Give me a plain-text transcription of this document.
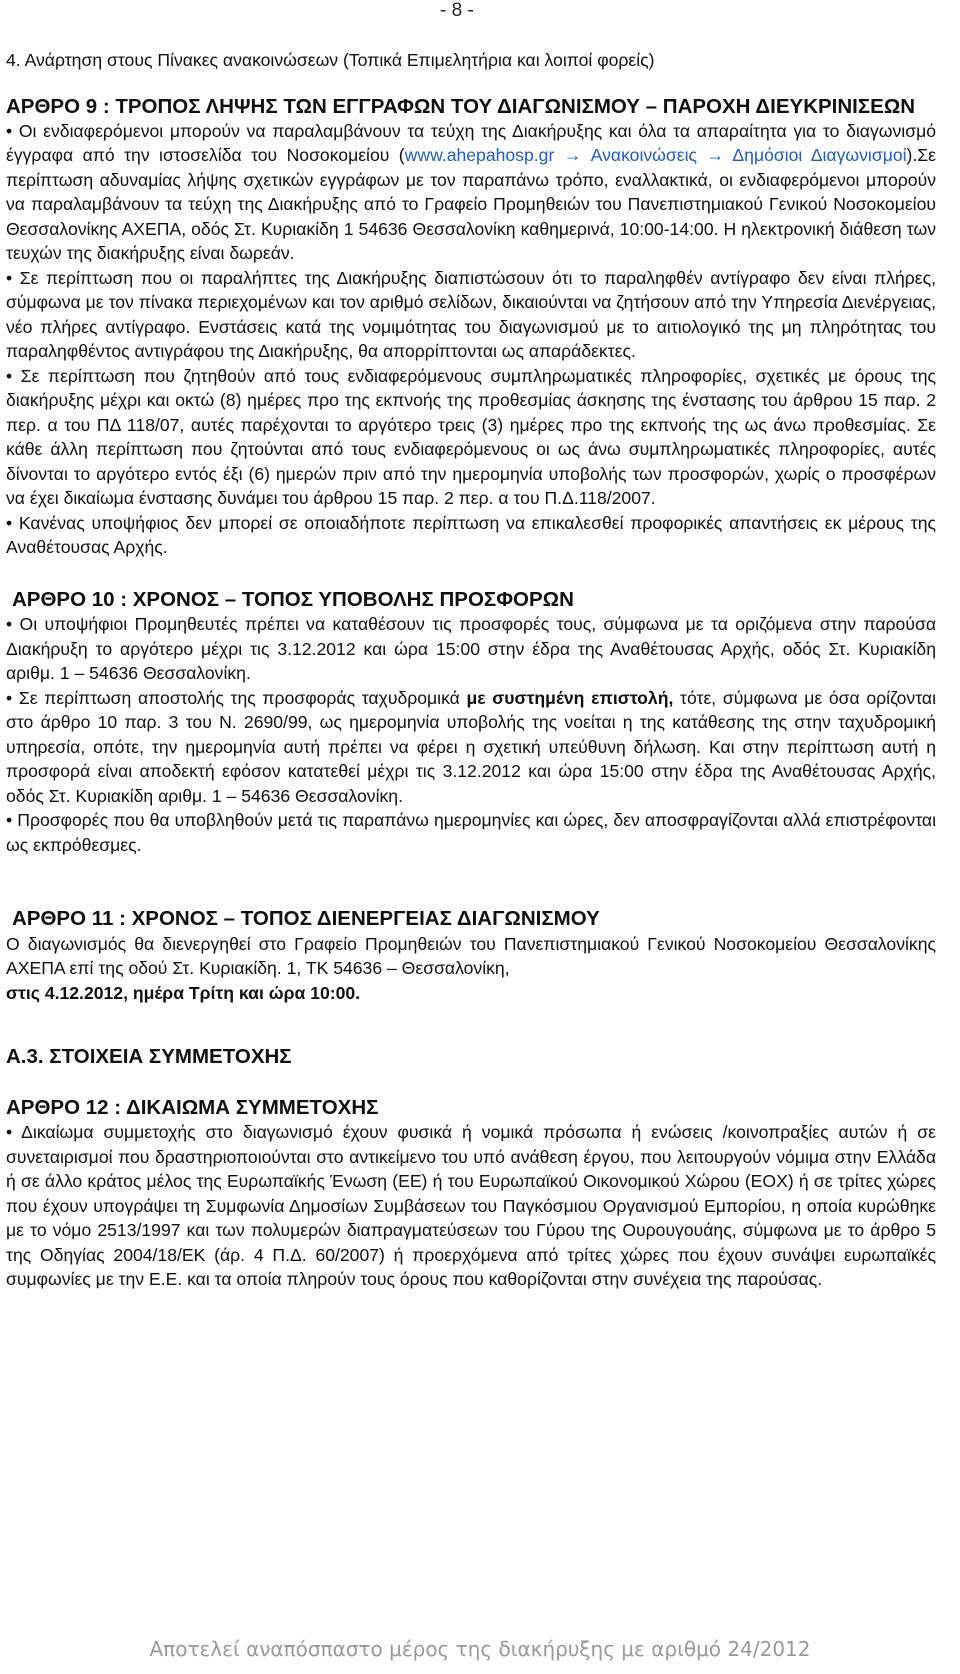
- 8 -

4. Ανάρτηση στους Πίνακες ανακοινώσεων (Τοπικά Επιμελητήρια και λοιποί φορείς)

ΑΡΘΡΟ 9 : ΤΡΟΠΟΣ ΛΗΨΗΣ ΤΩΝ ΕΓΓΡΑΦΩΝ ΤΟΥ ΔΙΑΓΩΝΙΣΜΟΥ – ΠΑΡΟΧΗ ΔΙΕΥΚΡΙΝΙΣΕΩΝ

• Οι ενδιαφερόμενοι μπορούν να παραλαμβάνουν τα τεύχη της Διακήρυξης και όλα τα απαραίτητα για το διαγωνισμό έγγραφα από την ιστοσελίδα του Νοσοκομείου (www.ahepahosp.gr → Ανακοινώσεις → Δημόσιοι Διαγωνισμοί).Σε περίπτωση αδυναμίας λήψης σχετικών εγγράφων με τον παραπάνω τρόπο, εναλλακτικά, οι ενδιαφερόμενοι μπορούν να παραλαμβάνουν τα τεύχη της Διακήρυξης από το Γραφείο Προμηθειών του Πανεπιστημιακού Γενικού Νοσοκομείου Θεσσαλονίκης ΑΧΕΠΑ, οδός Στ. Κυριακίδη 1 54636 Θεσσαλονίκη καθημερινά, 10:00-14:00. Η ηλεκτρονική διάθεση των τευχών της διακήρυξης είναι δωρεάν.

• Σε περίπτωση που οι παραλήπτες της Διακήρυξης διαπιστώσουν ότι το παραληφθέν αντίγραφο δεν είναι πλήρες, σύμφωνα με τον πίνακα περιεχομένων και τον αριθμό σελίδων, δικαιούνται να ζητήσουν από την Υπηρεσία Διενέργειας, νέο πλήρες αντίγραφο. Ενστάσεις κατά της νομιμότητας του διαγωνισμού με το αιτιολογικό της μη πληρότητας του παραληφθέντος αντιγράφου της Διακήρυξης, θα απορρίπτονται ως απαράδεκτες.

• Σε περίπτωση που ζητηθούν από τους ενδιαφερόμενους συμπληρωματικές πληροφορίες, σχετικές με όρους της διακήρυξης μέχρι και οκτώ (8) ημέρες προ της εκπνοής της προθεσμίας άσκησης της ένστασης του άρθρου 15 παρ. 2 περ. α του ΠΔ 118/07, αυτές παρέχονται το αργότερο τρεις (3) ημέρες προ της εκπνοής της ως άνω προθεσμίας. Σε κάθε άλλη περίπτωση που ζητούνται από τους ενδιαφερόμενους οι ως άνω συμπληρωματικές πληροφορίες, αυτές δίνονται το αργότερο εντός έξι (6) ημερών πριν από την ημερομηνία υποβολής των προσφορών, χωρίς ο προσφέρων να έχει δικαίωμα ένστασης δυνάμει του άρθρου 15 παρ. 2 περ. α του Π.Δ.118/2007.

• Κανένας υποψήφιος δεν μπορεί σε οποιαδήποτε περίπτωση να επικαλεσθεί προφορικές απαντήσεις εκ μέρους της Αναθέτουσας Αρχής.

ΑΡΘΡΟ 10 : ΧΡΟΝΟΣ – ΤΟΠΟΣ ΥΠΟΒΟΛΗΣ ΠΡΟΣΦΟΡΩΝ

• Οι υποψήφιοι Προμηθευτές πρέπει να καταθέσουν τις προσφορές τους, σύμφωνα με τα οριζόμενα στην παρούσα Διακήρυξη το αργότερο μέχρι τις 3.12.2012 και ώρα 15:00 στην έδρα της Αναθέτουσας Αρχής, οδός Στ. Κυριακίδη αριθμ. 1 – 54636 Θεσσαλονίκη.

• Σε περίπτωση αποστολής της προσφοράς ταχυδρομικά με συστημένη επιστολή, τότε, σύμφωνα με όσα ορίζονται στο άρθρο 10 παρ. 3 του Ν. 2690/99, ως ημερομηνία υποβολής της νοείται η της κατάθεσης της στην ταχυδρομική υπηρεσία, οπότε, την ημερομηνία αυτή πρέπει να φέρει η σχετική υπεύθυνη δήλωση. Και στην περίπτωση αυτή η προσφορά είναι αποδεκτή εφόσον κατατεθεί μέχρι τις 3.12.2012 και ώρα 15:00 στην έδρα της Αναθέτουσας Αρχής, οδός Στ. Κυριακίδη αριθμ. 1 – 54636 Θεσσαλονίκη.

• Προσφορές που θα υποβληθούν μετά τις παραπάνω ημερομηνίες και ώρες, δεν αποσφραγίζονται αλλά επιστρέφονται ως εκπρόθεσμες.

ΑΡΘΡΟ 11 : ΧΡΟΝΟΣ – ΤΟΠΟΣ ΔΙΕΝΕΡΓΕΙΑΣ ΔΙΑΓΩΝΙΣΜΟΥ

Ο διαγωνισμός θα διενεργηθεί στο Γραφείο Προμηθειών του Πανεπιστημιακού Γενικού Νοσοκομείου Θεσσαλονίκης ΑΧΕΠΑ επί της οδού Στ. Κυριακίδη. 1, ΤΚ 54636 – Θεσσαλονίκη,
στις 4.12.2012, ημέρα Τρίτη και ώρα 10:00.

Α.3. ΣΤΟΙΧΕΙΑ ΣΥΜΜΕΤΟΧΗΣ

ΑΡΘΡΟ 12 : ΔΙΚΑΙΩΜΑ ΣΥΜΜΕΤΟΧΗΣ

• Δικαίωμα συμμετοχής στο διαγωνισμό έχουν φυσικά ή νομικά πρόσωπα ή ενώσεις /κοινοπραξίες αυτών ή σε συνεταιρισμοί που δραστηριοποιούνται στο αντικείμενο του υπό ανάθεση έργου, που λειτουργούν νόμιμα στην Ελλάδα ή σε άλλο κράτος μέλος της Ευρωπαϊκής Ένωση (ΕΕ) ή του Ευρωπαϊκού Οικονομικού Χώρου (ΕΟΧ) ή σε τρίτες χώρες που έχουν υπογράψει τη Συμφωνία Δημοσίων Συμβάσεων του Παγκόσμιου Οργανισμού Εμπορίου, η οποία κυρώθηκε με το νόμο 2513/1997 και των πολυμερών διαπραγματεύσεων του Γύρου της Ουρουγουάης, σύμφωνα με το άρθρο 5 της Οδηγίας 2004/18/ΕΚ (άρ. 4 Π.Δ. 60/2007) ή προερχόμενα από τρίτες χώρες που έχουν συνάψει ευρωπαϊκές συμφωνίες με την Ε.Ε. και τα οποία πληρούν τους όρους που καθορίζονται στην συνέχεια της παρούσας.

Αποτελεί αναπόσπαστο μέρος της διακήρυξης με αριθμό 24/2012
